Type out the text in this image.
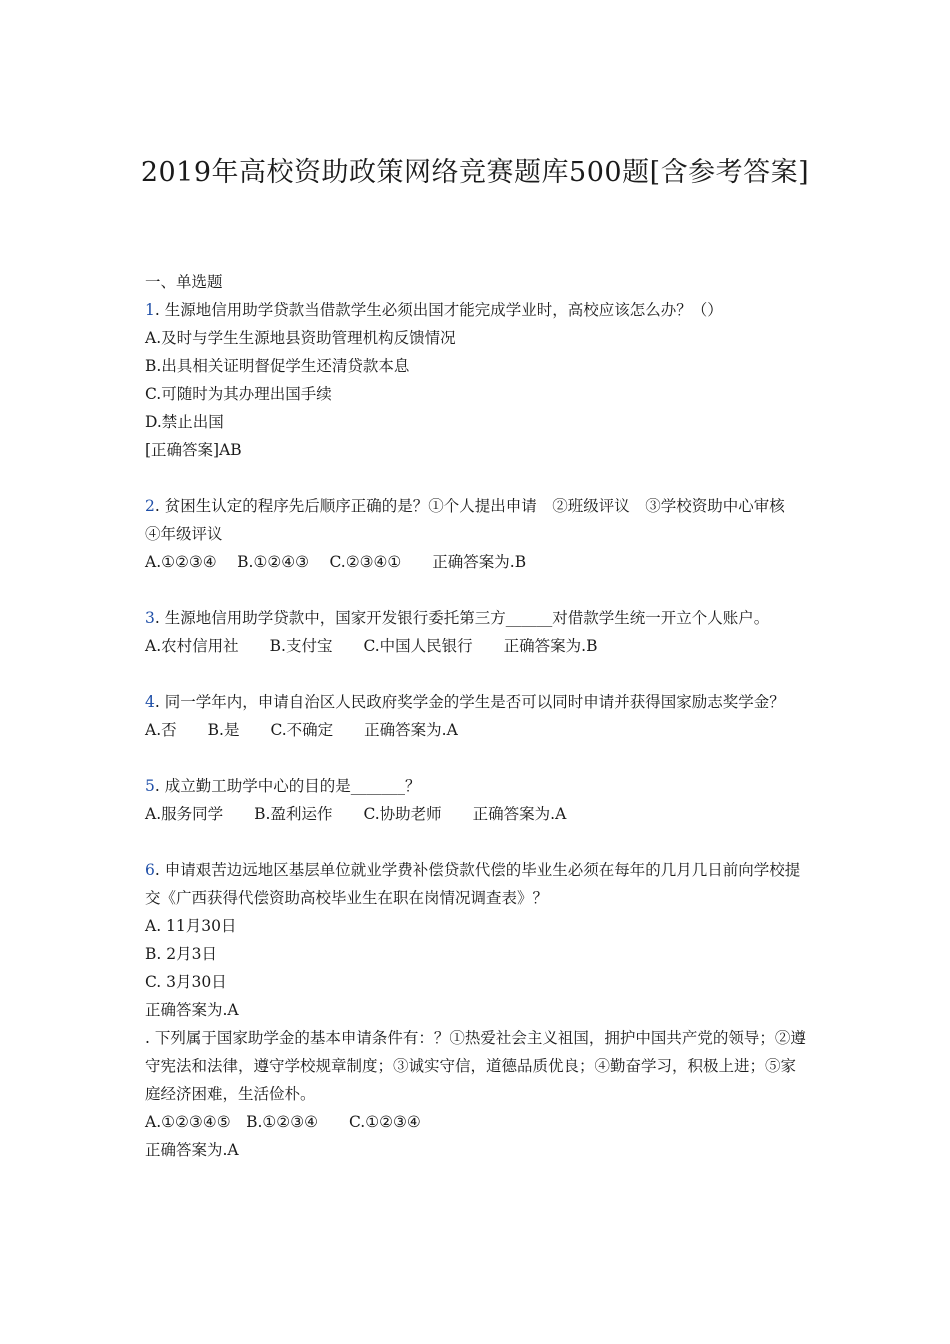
2019年高校资助政策网络竞赛题库500题[含参考答案]

一、单选题

1. 生源地信用助学贷款当借款学生必须出国才能完成学业时，高校应该怎么办？（）

A.及时与学生生源地县资助管理机构反馈情况

B.出具相关证明督促学生还清贷款本息

C.可随时为其办理出国手续

D.禁止出国

[正确答案]AB

2. 贫困生认定的程序先后顺序正确的是？①个人提出申请　②班级评议　③学校资助中心审核　④年级评议

A.①②③④　 B.①②④③　 C.②③④①　　正确答案为.B

3. 生源地信用助学贷款中，国家开发银行委托第三方______对借款学生统一开立个人账户。

A.农村信用社　　B.支付宝　　C.中国人民银行　　正确答案为.B

4. 同一学年内，申请自治区人民政府奖学金的学生是否可以同时申请并获得国家励志奖学金？

A.否　　B.是　　C.不确定　　正确答案为.A

5. 成立勤工助学中心的目的是_______？

A.服务同学　　B.盈利运作　　C.协助老师　　正确答案为.A

6. 申请艰苦边远地区基层单位就业学费补偿贷款代偿的毕业生必须在每年的几月几日前向学校提交《广西获得代偿资助高校毕业生在职在岗情况调查表》？

A. 11月30日

B. 2月3日

C. 3月30日

正确答案为.A

. 下列属于国家助学金的基本申请条件有：？①热爱社会主义祖国，拥护中国共产党的领导；②遵守宪法和法律，遵守学校规章制度；③诚实守信，道德品质优良；④勤奋学习，积极上进；⑤家庭经济困难，生活俭朴。

A.①②③④⑤　B.①②③④　　C.①②③④

正确答案为.A
